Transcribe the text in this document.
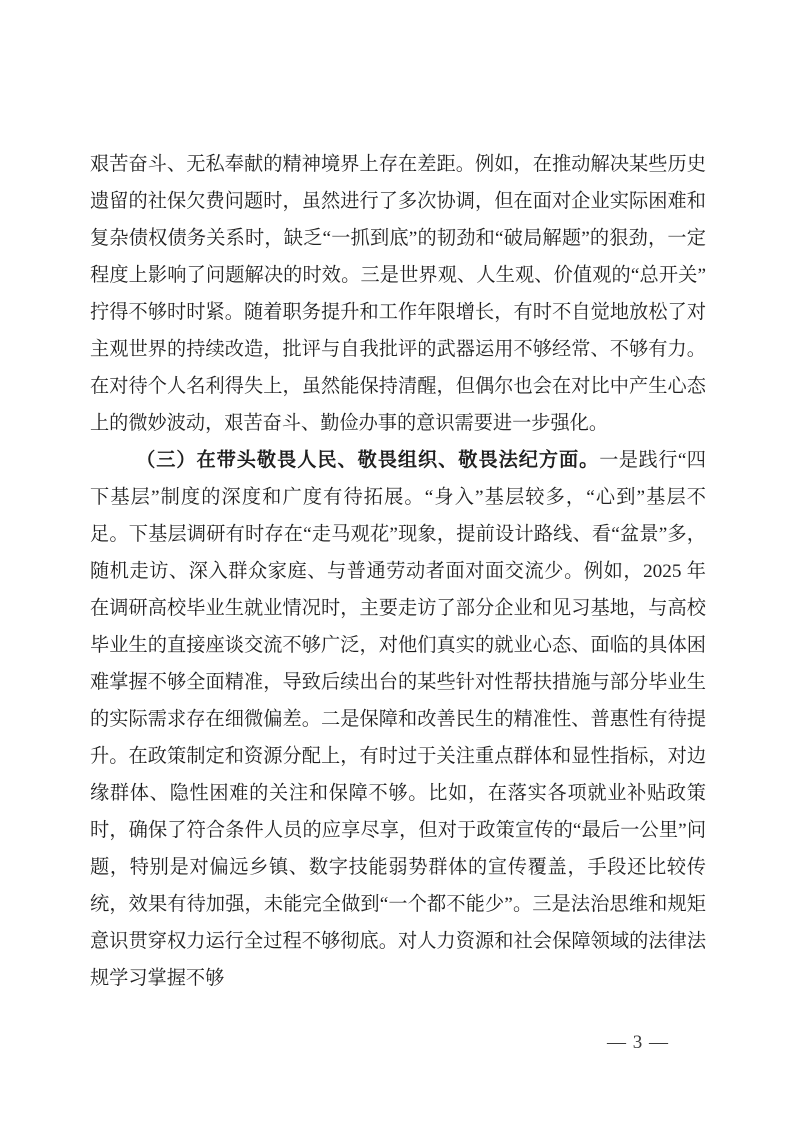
艰苦奋斗、无私奉献的精神境界上存在差距。例如，在推动解决某些历史遗留的社保欠费问题时，虽然进行了多次协调，但在面对企业实际困难和复杂债权债务关系时，缺乏“一抓到底”的韧劲和“破局解题”的狠劲，一定程度上影响了问题解决的时效。三是世界观、人生观、价值观的“总开关”拧得不够时时紧。随着职务提升和工作年限增长，有时不自觉地放松了对主观世界的持续改造，批评与自我批评的武器运用不够经常、不够有力。在对待个人名利得失上，虽然能保持清醒，但偶尔也会在对比中产生心态上的微妙波动，艰苦奋斗、勤俭办事的意识需要进一步强化。

（三）在带头敬畏人民、敬畏组织、敬畏法纪方面。一是践行“四下基层”制度的深度和广度有待拓展。“身入”基层较多，“心到”基层不足。下基层调研有时存在“走马观花”现象，提前设计路线、看“盆景”多，随机走访、深入群众家庭、与普通劳动者面对面交流少。例如，2025 年在调研高校毕业生就业情况时，主要走访了部分企业和见习基地，与高校毕业生的直接座谈交流不够广泛，对他们真实的就业心态、面临的具体困难掌握不够全面精准，导致后续出台的某些针对性帮扶措施与部分毕业生的实际需求存在细微偏差。二是保障和改善民生的精准性、普惠性有待提升。在政策制定和资源分配上，有时过于关注重点群体和显性指标，对边缘群体、隐性困难的关注和保障不够。比如，在落实各项就业补贴政策时，确保了符合条件人员的应享尽享，但对于政策宣传的“最后一公里”问题，特别是对偏远乡镇、数字技能弱势群体的宣传覆盖，手段还比较传统，效果有待加强，未能完全做到“一个都不能少”。三是法治思维和规矩意识贯穿权力运行全过程不够彻底。对人力资源和社会保障领域的法律法规学习掌握不够

— 3 —
